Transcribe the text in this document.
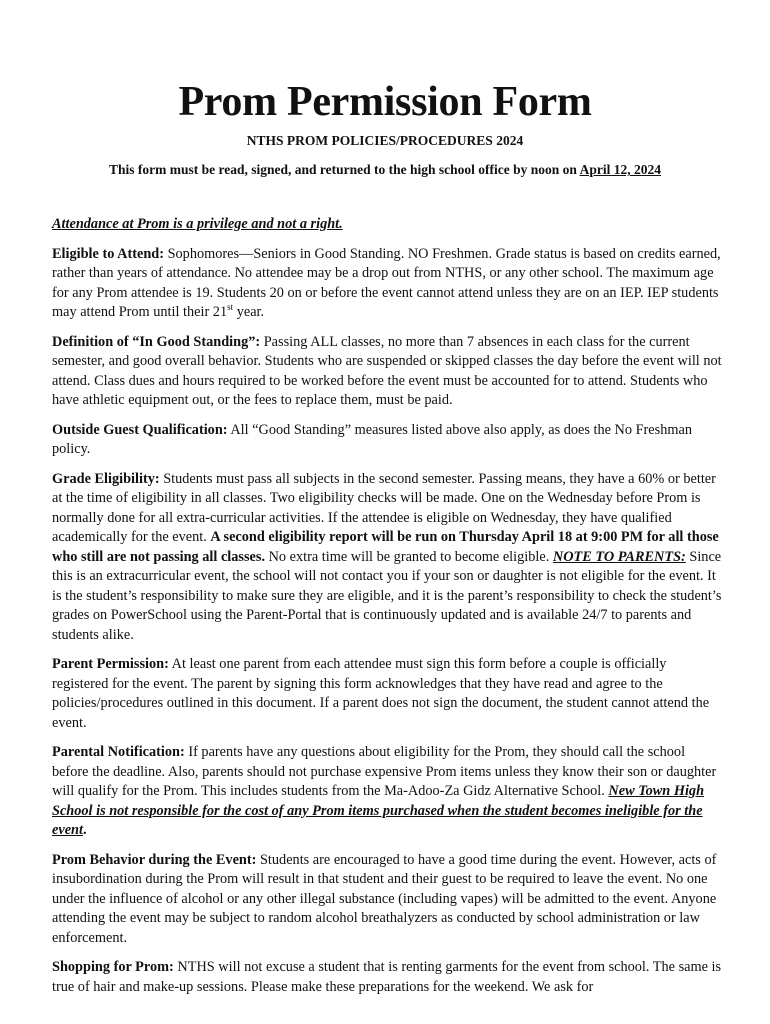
Prom Permission Form
NTHS PROM POLICIES/PROCEDURES 2024
This form must be read, signed, and returned to the high school office by noon on April 12, 2024

Attendance at Prom is a privilege and not a right.

Eligible to Attend: Sophomores—Seniors in Good Standing. NO Freshmen. Grade status is based on credits earned, rather than years of attendance. No attendee may be a drop out from NTHS, or any other school. The maximum age for any Prom attendee is 19. Students 20 on or before the event cannot attend unless they are on an IEP. IEP students may attend Prom until their 21st year.

Definition of “In Good Standing”: Passing ALL classes, no more than 7 absences in each class for the current semester, and good overall behavior. Students who are suspended or skipped classes the day before the event will not attend. Class dues and hours required to be worked before the event must be accounted for to attend. Students who have athletic equipment out, or the fees to replace them, must be paid.

Outside Guest Qualification: All “Good Standing” measures listed above also apply, as does the No Freshman policy.

Grade Eligibility: Students must pass all subjects in the second semester. Passing means, they have a 60% or better at the time of eligibility in all classes. Two eligibility checks will be made. One on the Wednesday before Prom is normally done for all extra-curricular activities. If the attendee is eligible on Wednesday, they have qualified academically for the event. A second eligibility report will be run on Thursday April 18 at 9:00 PM for all those who still are not passing all classes. No extra time will be granted to become eligible. NOTE TO PARENTS: Since this is an extracurricular event, the school will not contact you if your son or daughter is not eligible for the event. It is the student’s responsibility to make sure they are eligible, and it is the parent’s responsibility to check the student’s grades on PowerSchool using the Parent-Portal that is continuously updated and is available 24/7 to parents and students alike.

Parent Permission: At least one parent from each attendee must sign this form before a couple is officially registered for the event. The parent by signing this form acknowledges that they have read and agree to the policies/procedures outlined in this document. If a parent does not sign the document, the student cannot attend the event.

Parental Notification: If parents have any questions about eligibility for the Prom, they should call the school before the deadline. Also, parents should not purchase expensive Prom items unless they know their son or daughter will qualify for the Prom. This includes students from the Ma-Adoo-Za Gidz Alternative School. New Town High School is not responsible for the cost of any Prom items purchased when the student becomes ineligible for the event.

Prom Behavior during the Event: Students are encouraged to have a good time during the event. However, acts of insubordination during the Prom will result in that student and their guest to be required to leave the event. No one under the influence of alcohol or any other illegal substance (including vapes) will be admitted to the event. Anyone attending the event may be subject to random alcohol breathalyzers as conducted by school administration or law enforcement.

Shopping for Prom: NTHS will not excuse a student that is renting garments for the event from school. The same is true of hair and make-up sessions. Please make these preparations for the weekend. We ask for
